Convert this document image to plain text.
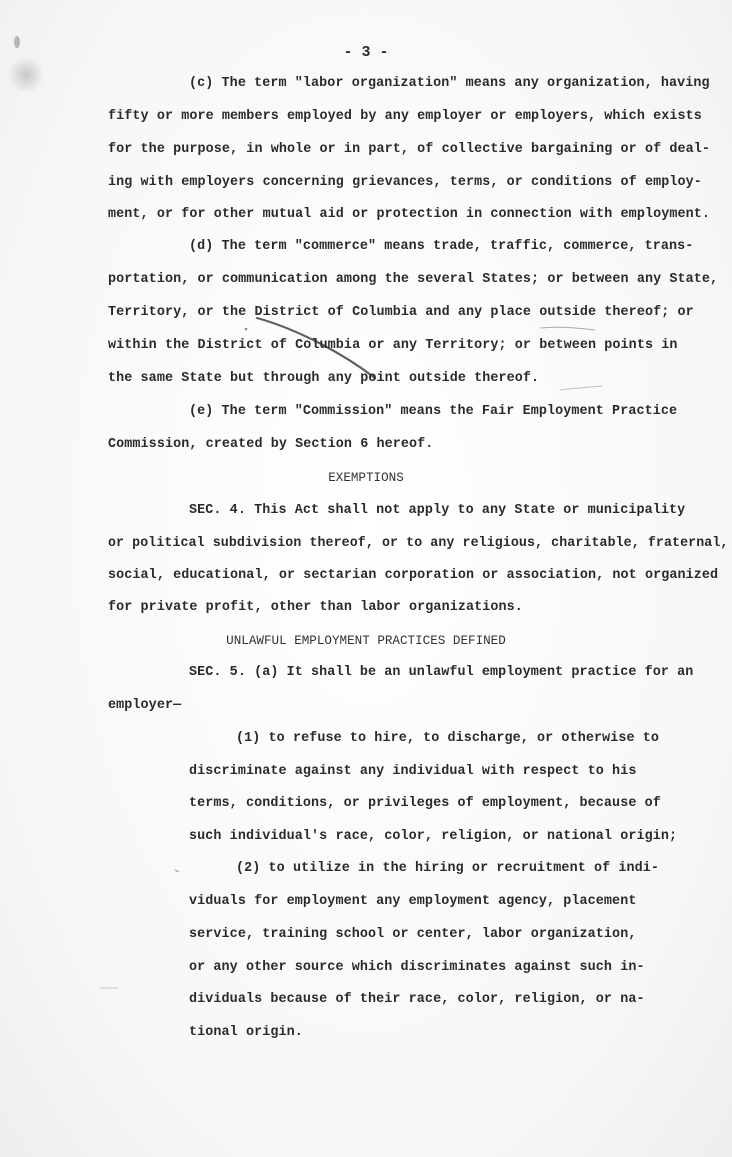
- 3 -
(c) The term "labor organization" means any organization, having
fifty or more members employed by any employer or employers, which exists
for the purpose, in whole or in part, of collective bargaining or of deal-
ing with employers concerning grievances, terms, or conditions of employ-
ment, or for other mutual aid or protection in connection with employment.
(d) The term "commerce" means trade, traffic, commerce, trans-
portation, or communication among the several States; or between any State,
Territory, or the District of Columbia and any place outside thereof; or
within the District of Columbia or any Territory; or between points in
the same State but through any point outside thereof.
(e) The term "Commission" means the Fair Employment Practice
Commission, created by Section 6 hereof.
EXEMPTIONS
SEC. 4. This Act shall not apply to any State or municipality
or political subdivision thereof, or to any religious, charitable, fraternal,
social, educational, or sectarian corporation or association, not organized
for private profit, other than labor organizations.
UNLAWFUL EMPLOYMENT PRACTICES DEFINED
SEC. 5. (a) It shall be an unlawful employment practice for an
employer—
(1) to refuse to hire, to discharge, or otherwise to
discriminate against any individual with respect to his
terms, conditions, or privileges of employment, because of
such individual's race, color, religion, or national origin;
(2) to utilize in the hiring or recruitment of indi-
viduals for employment any employment agency, placement
service, training school or center, labor organization,
or any other source which discriminates against such in-
dividuals because of their race, color, religion, or na-
tional origin.
